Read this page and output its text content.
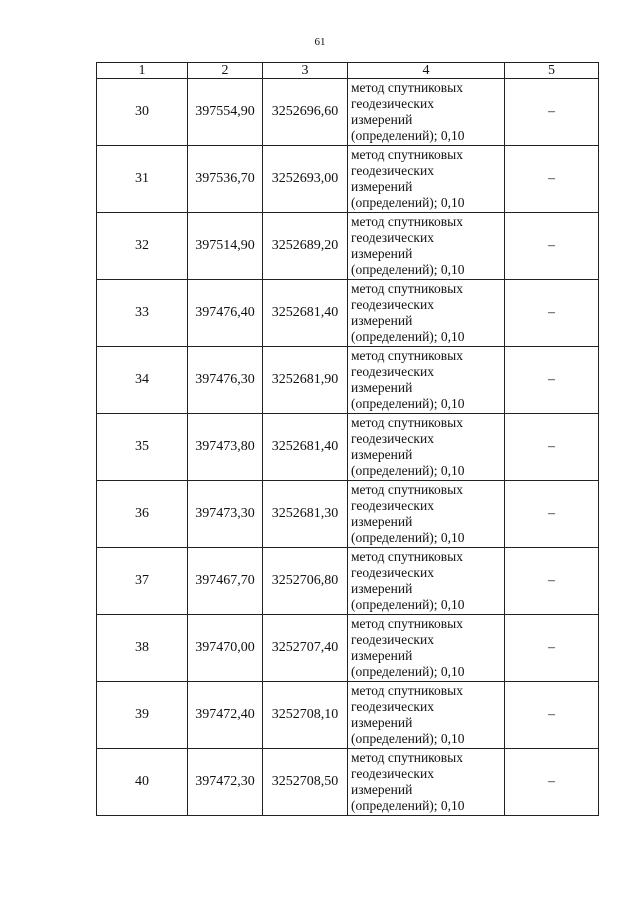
61
1	2	3	4	5
30	397554,90	3252696,60	метод спутниковых
геодезических
измерений
(определений); 0,10	–
31	397536,70	3252693,00	метод спутниковых
геодезических
измерений
(определений); 0,10	–
32	397514,90	3252689,20	метод спутниковых
геодезических
измерений
(определений); 0,10	–
33	397476,40	3252681,40	метод спутниковых
геодезических
измерений
(определений); 0,10	–
34	397476,30	3252681,90	метод спутниковых
геодезических
измерений
(определений); 0,10	–
35	397473,80	3252681,40	метод спутниковых
геодезических
измерений
(определений); 0,10	–
36	397473,30	3252681,30	метод спутниковых
геодезических
измерений
(определений); 0,10	–
37	397467,70	3252706,80	метод спутниковых
геодезических
измерений
(определений); 0,10	–
38	397470,00	3252707,40	метод спутниковых
геодезических
измерений
(определений); 0,10	–
39	397472,40	3252708,10	метод спутниковых
геодезических
измерений
(определений); 0,10	–
40	397472,30	3252708,50	метод спутниковых
геодезических
измерений
(определений); 0,10	–
